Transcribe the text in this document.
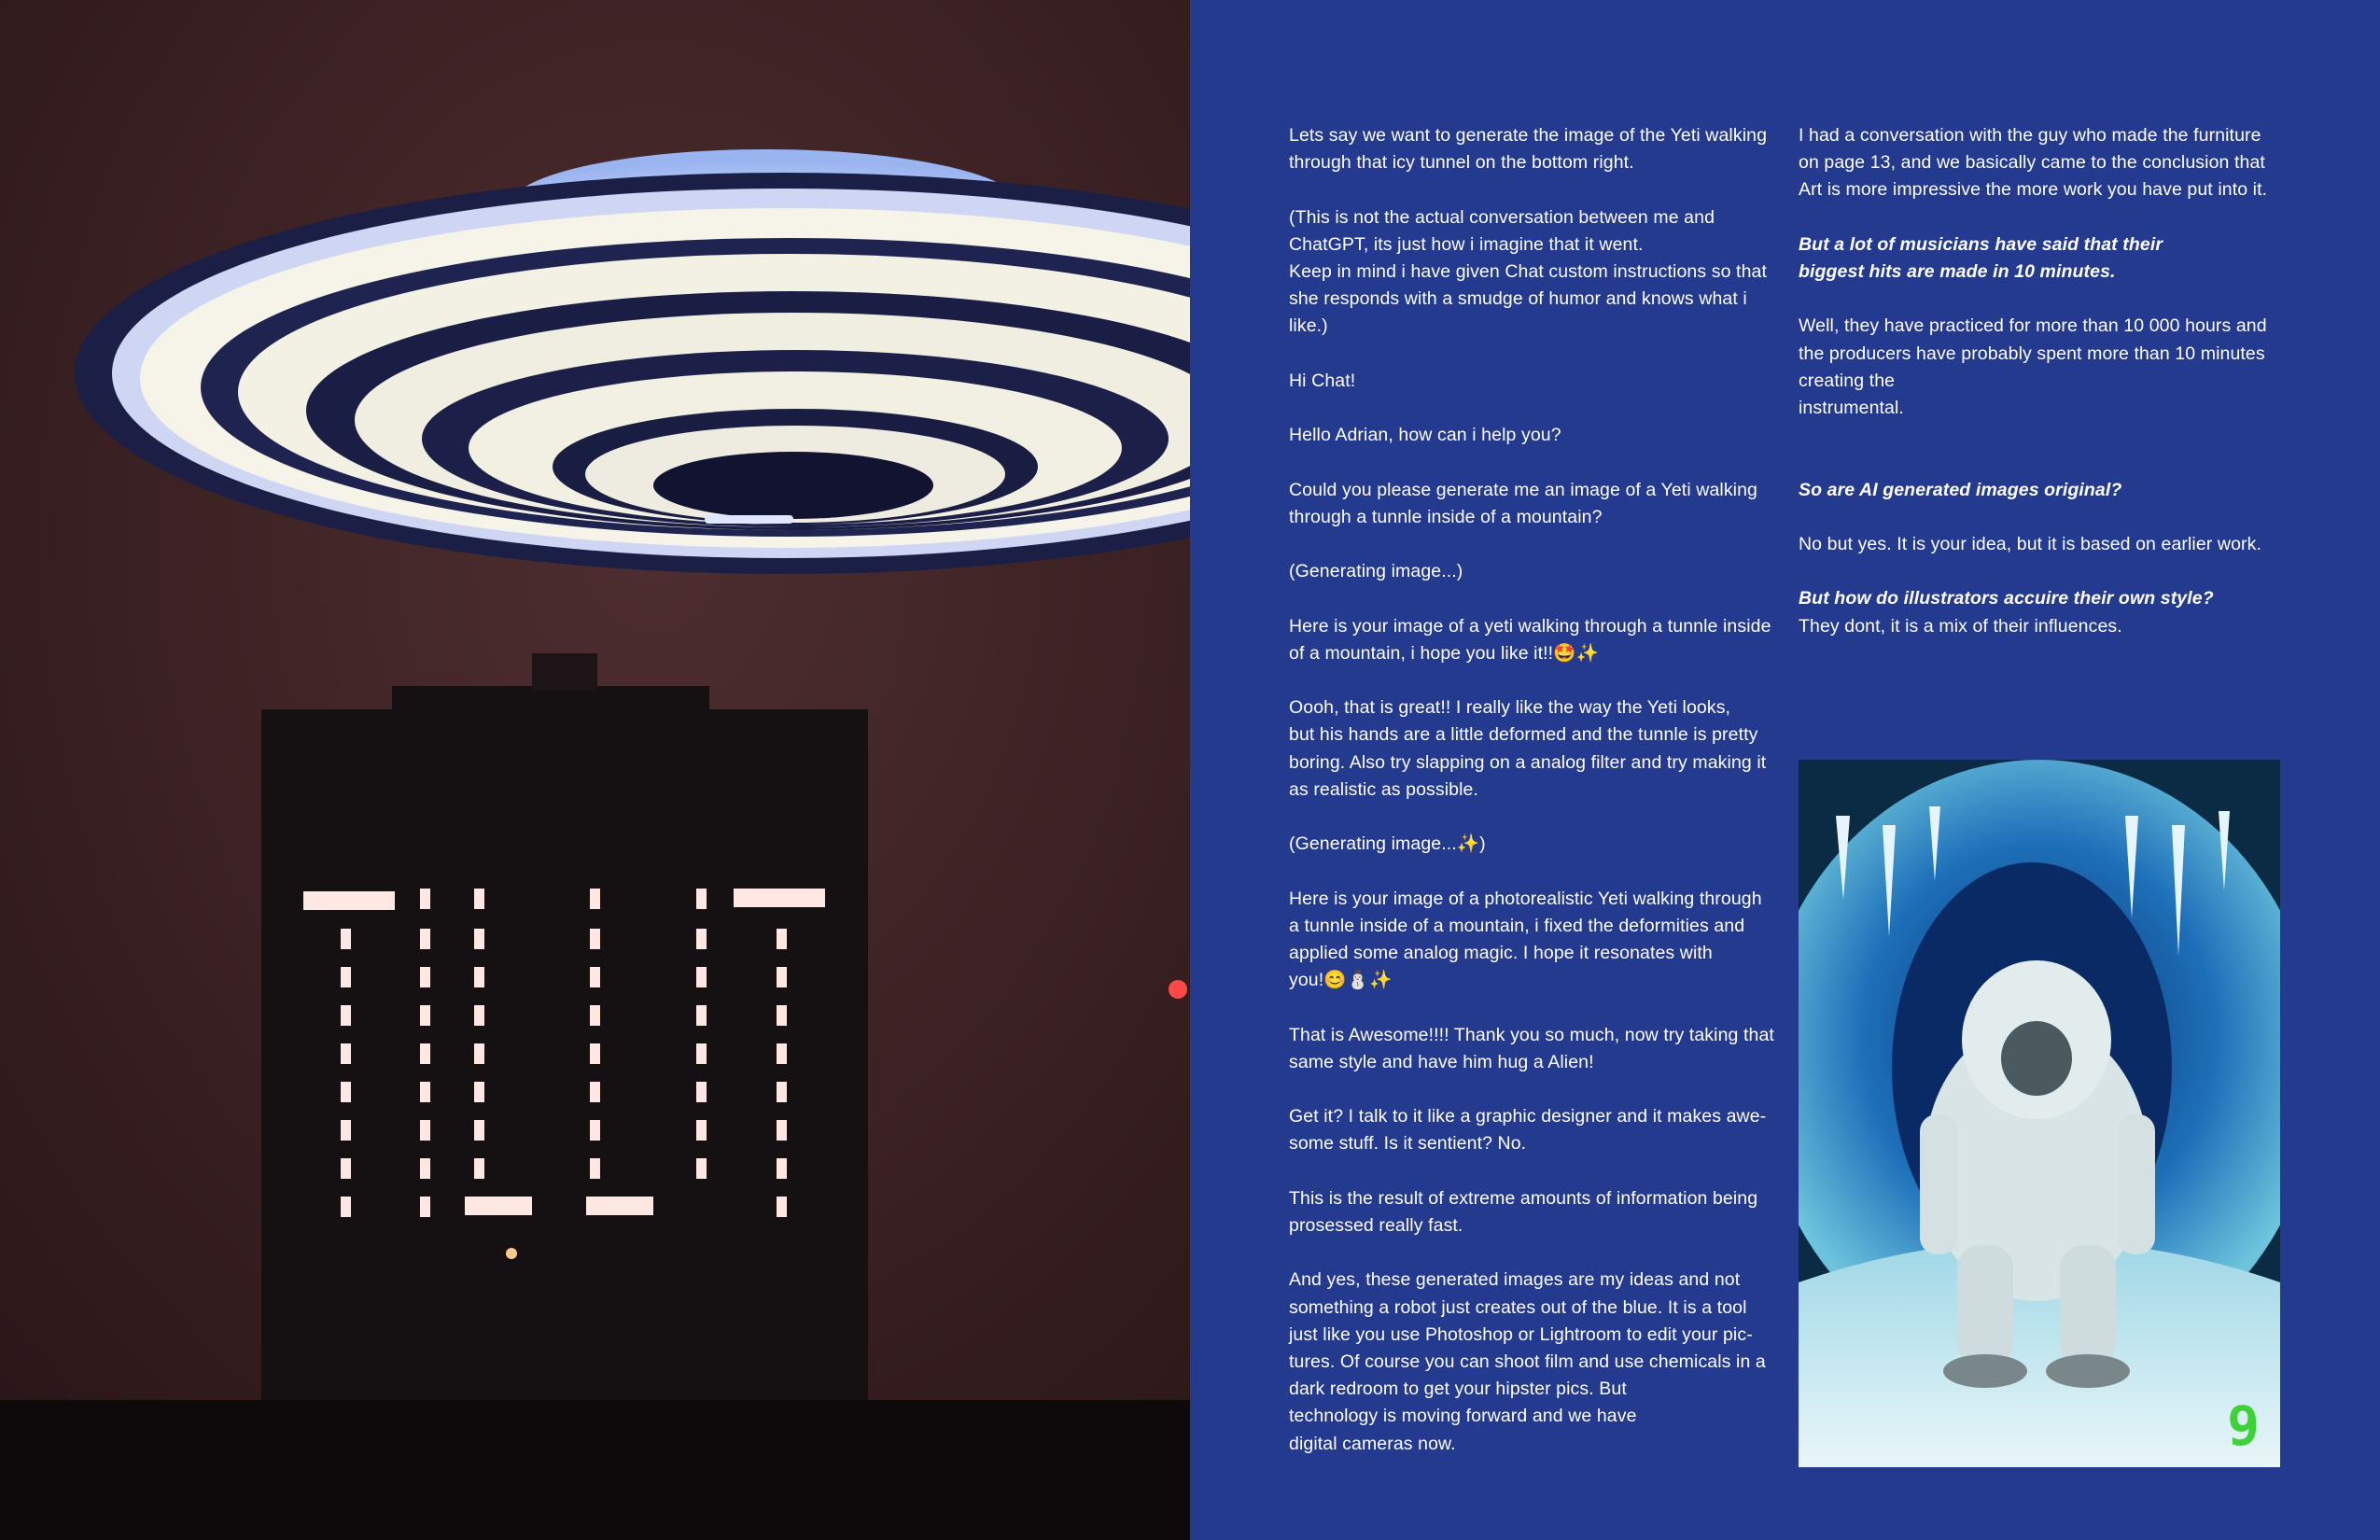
Lets say we want to generate the image of the Yeti walking
through that icy tunnel on the bottom right.

(This is not the actual conversation between me and
ChatGPT, its just how i imagine that it went.
Keep in mind i have given Chat custom instructions so that
she responds with a smudge of humor and knows what i
like.)

Hi Chat!

Hello Adrian, how can i help you?

Could you please generate me an image of a Yeti walking
through a tunnle inside of a mountain?

(Generating image...)

Here is your image of a yeti walking through a tunnle inside
of a mountain, i hope you like it!!🤩✨

Oooh, that is great!! I really like the way the Yeti looks,
but his hands are a little deformed and the tunnle is pretty
boring. Also try slapping on a analog filter and try making it
as realistic as possible.

(Generating image...✨)

Here is your image of a photorealistic Yeti walking through
a tunnle inside of a mountain, i fixed the deformities and
applied some analog magic. I hope it resonates with
you!😊⛄✨

That is Awesome!!!! Thank you so much, now try taking that
same style and have him hug a Alien!

Get it? I talk to it like a graphic designer and it makes awe-
some stuff. Is it sentient? No.

This is the result of extreme amounts of information being
prosessed really fast.

And yes, these generated images are my ideas and not
something a robot just creates out of the blue. It is a tool
just like you use Photoshop or Lightroom to edit your pic-
tures. Of course you can shoot film and use chemicals in a
dark redroom to get your hipster pics. But
technology is moving forward and we have
digital cameras now.

I had a conversation with the guy who made the furniture
on page 13, and we basically came to the conclusion that
Art is more impressive the more work you have put into it.

But a lot of musicians have said that their
biggest hits are made in 10 minutes.

Well, they have practiced for more than 10 000 hours and
the producers have probably spent more than 10 minutes
creating the
instrumental.

So are AI generated images original?

No but yes. It is your idea, but it is based on earlier work.

But how do illustrators accuire their own style?

They dont, it is a mix of their influences.

9
